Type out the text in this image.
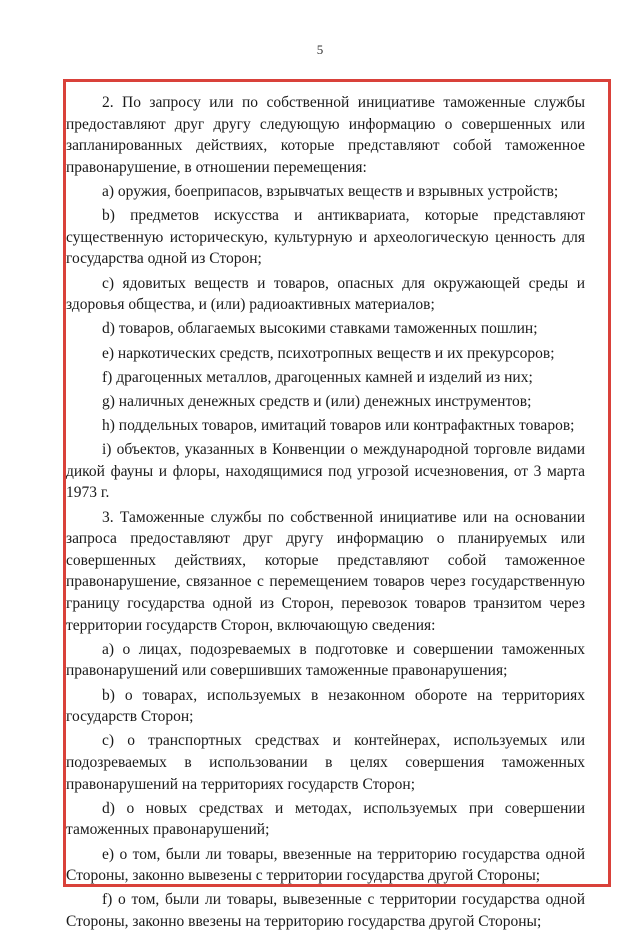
5

2. По запросу или по собственной инициативе таможенные службы предоставляют друг другу следующую информацию о совершенных или запланированных действиях, которые представляют собой таможенное правонарушение, в отношении перемещения:

a) оружия, боеприпасов, взрывчатых веществ и взрывных устройств;

b) предметов искусства и антиквариата, которые представляют существенную историческую, культурную и археологическую ценность для государства одной из Сторон;

c) ядовитых веществ и товаров, опасных для окружающей среды и здоровья общества, и (или) радиоактивных материалов;

d) товаров, облагаемых высокими ставками таможенных пошлин;

e) наркотических средств, психотропных веществ и их прекурсоров;

f) драгоценных металлов, драгоценных камней и изделий из них;

g) наличных денежных средств и (или) денежных инструментов;

h) поддельных товаров, имитаций товаров или контрафактных товаров;

i) объектов, указанных в Конвенции о международной торговле видами дикой фауны и флоры, находящимися под угрозой исчезновения, от 3 марта 1973 г.

3. Таможенные службы по собственной инициативе или на основании запроса предоставляют друг другу информацию о планируемых или совершенных действиях, которые представляют собой таможенное правонарушение, связанное с перемещением товаров через государственную границу государства одной из Сторон, перевозок товаров транзитом через территории государств Сторон, включающую сведения:

a) о лицах, подозреваемых в подготовке и совершении таможенных правонарушений или совершивших таможенные правонарушения;

b) о товарах, используемых в незаконном обороте на территориях государств Сторон;

c) о транспортных средствах и контейнерах, используемых или подозреваемых в использовании в целях совершения таможенных правонарушений на территориях государств Сторон;

d) о новых средствах и методах, используемых при совершении таможенных правонарушений;

e) о том, были ли товары, ввезенные на территорию государства одной Стороны, законно вывезены с территории государства другой Стороны;

f) о том, были ли товары, вывезенные с территории государства одной Стороны, законно ввезены на территорию государства другой Стороны;
